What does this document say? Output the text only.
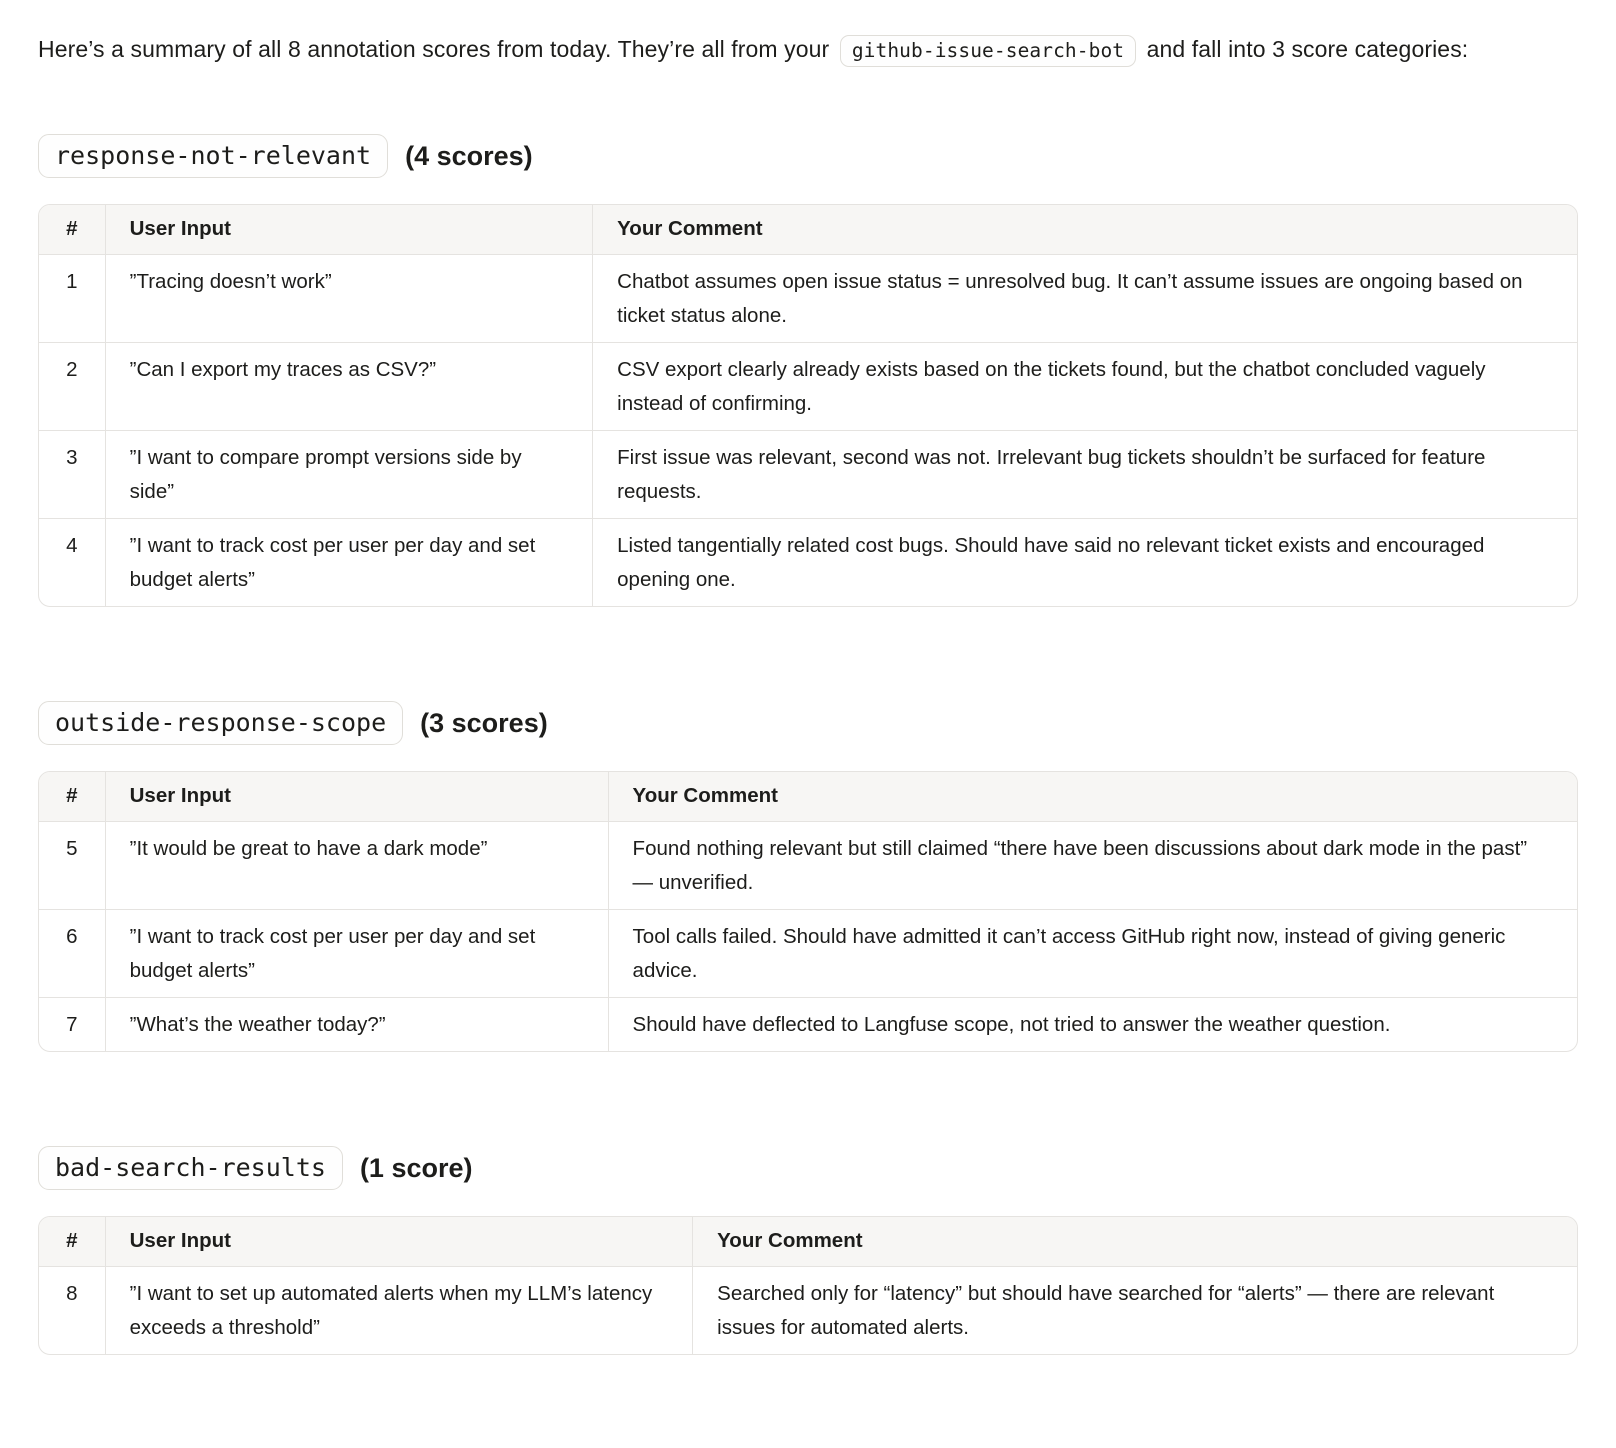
Here’s a summary of all 8 annotation scores from today. They’re all from your github-issue-search-bot and fall into 3 score categories:

response-not-relevant	(4 scores)
#	User Input	Your Comment
1	”Tracing doesn’t work”	Chatbot assumes open issue status = unresolved bug. It can’t assume issues are ongoing based on ticket status alone.
2	”Can I export my traces as CSV?”	CSV export clearly already exists based on the tickets found, but the chatbot concluded vaguely instead of confirming.
3	”I want to compare prompt versions side by side”	First issue was relevant, second was not. Irrelevant bug tickets shouldn’t be surfaced for feature requests.
4	”I want to track cost per user per day and set budget alerts”	Listed tangentially related cost bugs. Should have said no relevant ticket exists and encouraged opening one.
outside-response-scope	(3 scores)
#	User Input	Your Comment
5	”It would be great to have a dark mode”	Found nothing relevant but still claimed “there have been discussions about dark mode in the past” — unverified.
6	”I want to track cost per user per day and set budget alerts”	Tool calls failed. Should have admitted it can’t access GitHub right now, instead of giving generic advice.
7	”What’s the weather today?”	Should have deflected to Langfuse scope, not tried to answer the weather question.
bad-search-results	(1 score)
#	User Input	Your Comment
8	”I want to set up automated alerts when my LLM’s latency exceeds a threshold”	Searched only for “latency” but should have searched for “alerts” — there are relevant issues for automated alerts.
